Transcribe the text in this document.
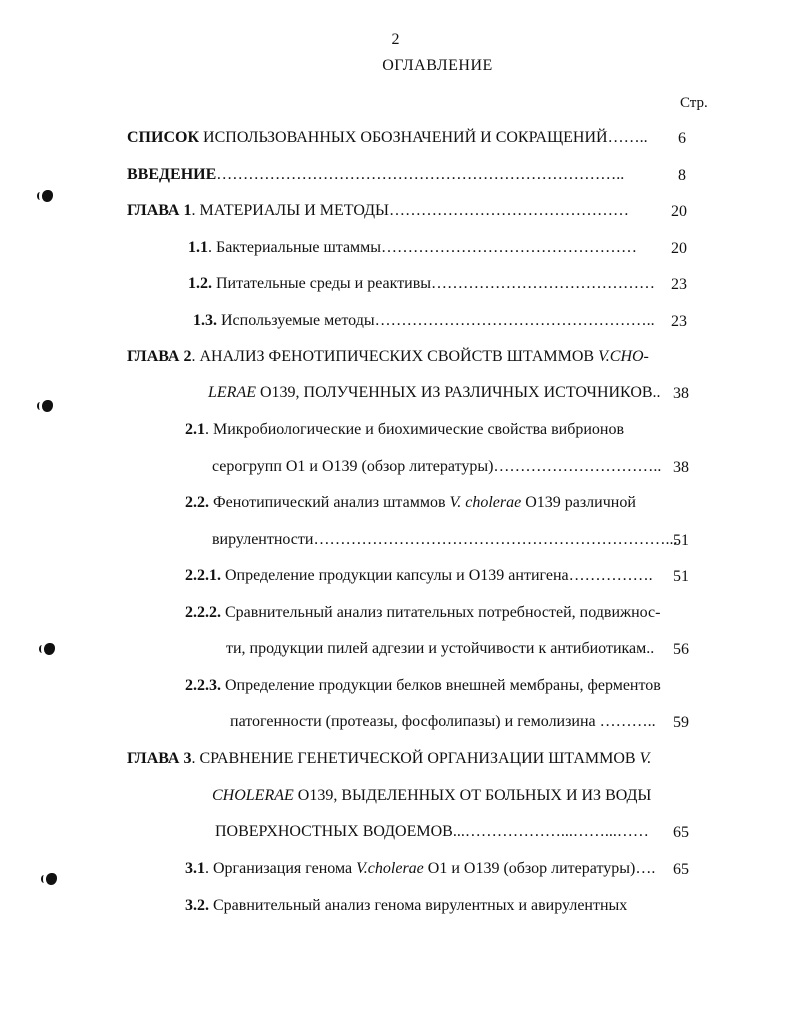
2
ОГЛАВЛЕНИЕ
Стр.
СПИСОК ИСПОЛЬЗОВАННЫХ ОБОЗНАЧЕНИЙ И СОКРАЩЕНИЙ…….. 6
ВВЕДЕНИЕ…………………………………………………………………..	8
ГЛАВА 1. МАТЕРИАЛЫ И МЕТОДЫ………………………………………	20
1.1. Бактериальные штаммы………………………………………… 20
1.2. Питательные среды и реактивы…………………………………… 23
1.3. Используемые методы…………………………………………….. 23
ГЛАВА 2. АНАЛИЗ ФЕНОТИПИЧЕСКИХ СВОЙСТВ ШТАММОВ V.CHO-
LERAE O139, ПОЛУЧЕННЫХ ИЗ РАЗЛИЧНЫХ ИСТОЧНИКОВ.. 38
2.1. Микробиологические и биохимические свойства вибрионов
серогрупп O1 и O139 (обзор литературы)………………………….. 38
2.2. Фенотипический анализ штаммов V. cholerae O139 различной
вирулентности…………………………………………………………...
51
2.2.1. Определение продукции капсулы и O139 антигена……………. 51
2.2.2. Сравнительный анализ питательных потребностей, подвижнос-
ти, продукции пилей адгезии и устойчивости к антибиотикам.. 56
2.2.3. Определение продукции белков внешней мембраны, ферментов
патогенности (протеазы, фосфолипазы) и гемолизина ……….. 59
ГЛАВА 3. СРАВНЕНИЕ ГЕНЕТИЧЕСКОЙ ОРГАНИЗАЦИИ ШТАММОВ V.
CHOLERAE O139, ВЫДЕЛЕННЫХ ОТ БОЛЬНЫХ И ИЗ ВОДЫ
ПОВЕРХНОСТНЫХ ВОДОЕМОВ...………………...……...…… 65
3.1. Организация генома V.cholerae O1 и O139 (обзор литературы)…. 65
3.2. Сравнительный анализ генома вирулентных и авирулентных
